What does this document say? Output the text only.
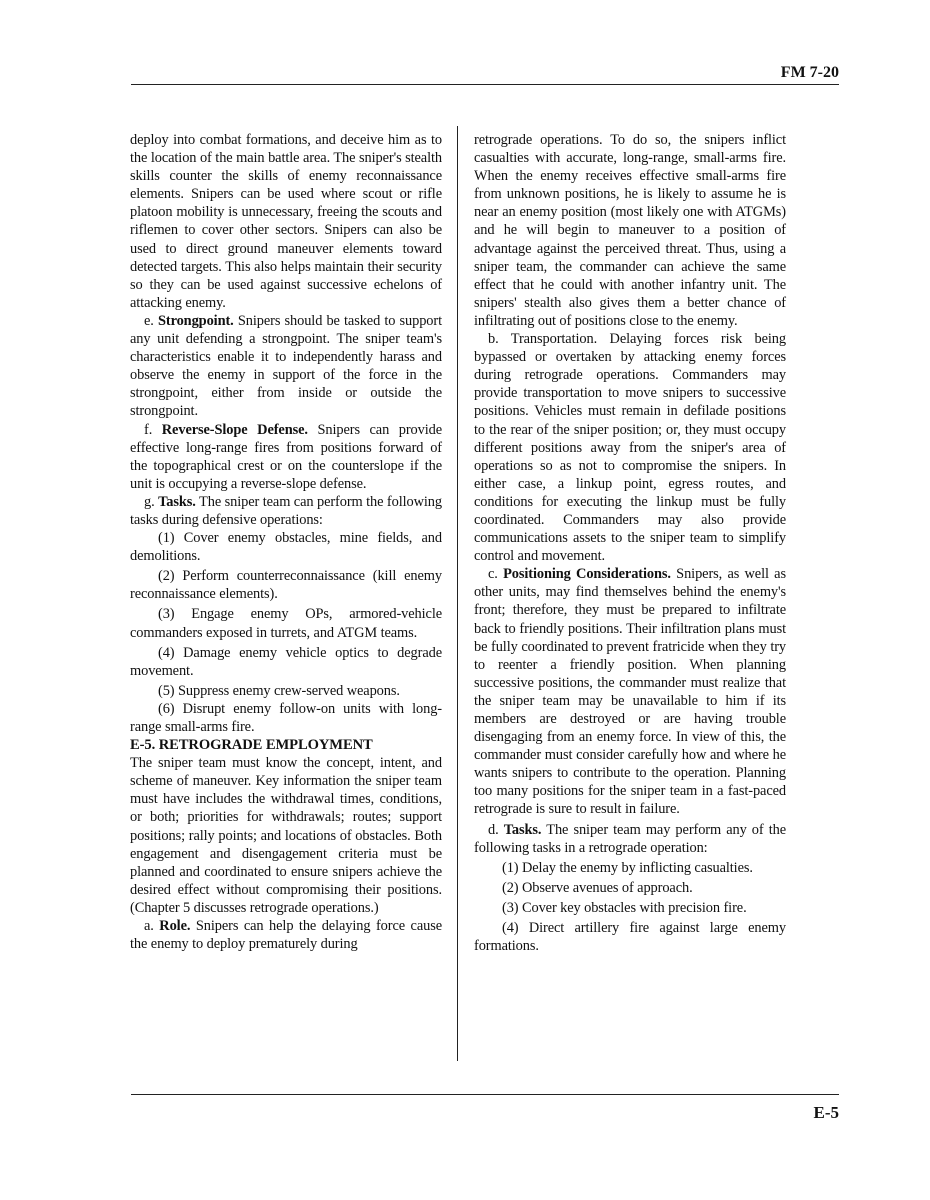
FM 7-20

deploy into combat formations, and deceive him as to the location of the main battle area. The sniper's stealth skills counter the skills of enemy reconnaissance elements. Snipers can be used where scout or rifle platoon mobility is unnecessary, freeing the scouts and riflemen to cover other sectors. Snipers can also be used to direct ground maneuver elements toward detected targets. This also helps maintain their security so they can be used against successive echelons of attacking enemy.

e. Strongpoint. Snipers should be tasked to support any unit defending a strongpoint. The sniper team's characteristics enable it to independently harass and observe the enemy in support of the force in the strongpoint, either from inside or outside the strongpoint.

f. Reverse-Slope Defense. Snipers can provide effective long-range fires from positions forward of the topographical crest or on the counterslope if the unit is occupying a reverse-slope defense.

g. Tasks. The sniper team can perform the following tasks during defensive operations:

(1) Cover enemy obstacles, mine fields, and demolitions.

(2) Perform counterreconnaissance (kill enemy reconnaissance elements).

(3) Engage enemy OPs, armored-vehicle commanders exposed in turrets, and ATGM teams.

(4) Damage enemy vehicle optics to degrade movement.

(5) Suppress enemy crew-served weapons.

(6) Disrupt enemy follow-on units with long-range small-arms fire.

E-5. RETROGRADE EMPLOYMENT

The sniper team must know the concept, intent, and scheme of maneuver. Key information the sniper team must have includes the withdrawal times, conditions, or both; priorities for withdrawals; routes; support positions; rally points; and locations of obstacles. Both engagement and disengagement criteria must be planned and coordinated to ensure snipers achieve the desired effect without compromising their positions. (Chapter 5 discusses retrograde operations.)

a. Role. Snipers can help the delaying force cause the enemy to deploy prematurely during

retrograde operations. To do so, the snipers inflict casualties with accurate, long-range, small-arms fire. When the enemy receives effective small-arms fire from unknown positions, he is likely to assume he is near an enemy position (most likely one with ATGMs) and he will begin to maneuver to a position of advantage against the perceived threat. Thus, using a sniper team, the commander can achieve the same effect that he could with another infantry unit. The snipers' stealth also gives them a better chance of infiltrating out of positions close to the enemy.

b. Transportation. Delaying forces risk being bypassed or overtaken by attacking enemy forces during retrograde operations. Commanders may provide transportation to move snipers to successive positions. Vehicles must remain in defilade positions to the rear of the sniper position; or, they must occupy different positions away from the sniper's area of operations so as not to compromise the snipers. In either case, a linkup point, egress routes, and conditions for executing the linkup must be fully coordinated. Commanders may also provide communications assets to the sniper team to simplify control and movement.

c. Positioning Considerations. Snipers, as well as other units, may find themselves behind the enemy's front; therefore, they must be prepared to infiltrate back to friendly positions. Their infiltration plans must be fully coordinated to prevent fratricide when they try to reenter a friendly position. When planning successive positions, the commander must realize that the sniper team may be unavailable to him if its members are destroyed or are having trouble disengaging from an enemy force. In view of this, the commander must consider carefully how and where he wants snipers to contribute to the operation. Planning too many positions for the sniper team in a fast-paced retrograde is sure to result in failure.

d. Tasks. The sniper team may perform any of the following tasks in a retrograde operation:

(1) Delay the enemy by inflicting casualties.

(2) Observe avenues of approach.

(3) Cover key obstacles with precision fire.

(4) Direct artillery fire against large enemy formations.

E-5
